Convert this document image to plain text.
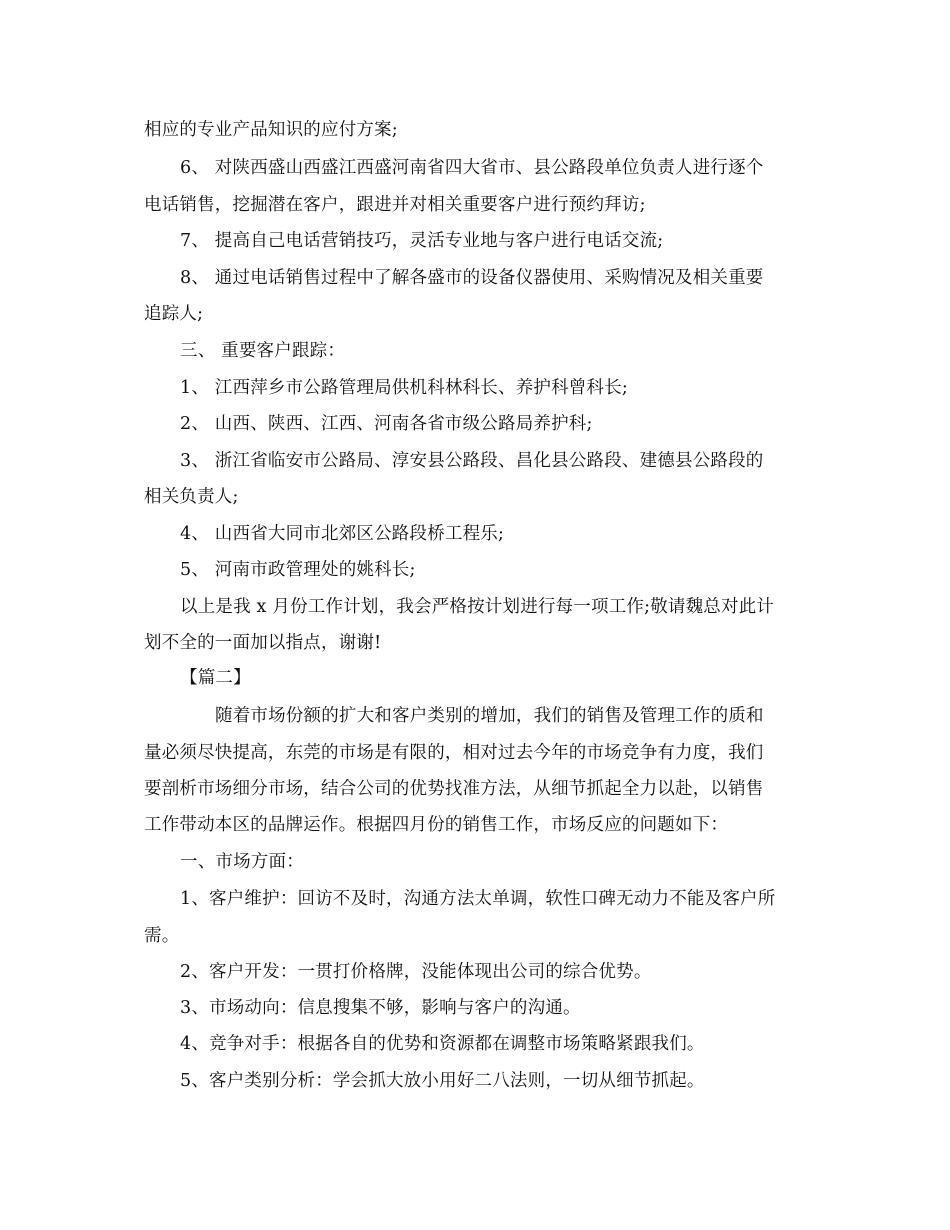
相应的专业产品知识的应付方案;
6、 对陕西盛山西盛江西盛河南省四大省市、县公路段单位负责人进行逐个
电话销售，挖掘潜在客户，跟进并对相关重要客户进行预约拜访;
7、 提高自己电话营销技巧，灵活专业地与客户进行电话交流;
8、 通过电话销售过程中了解各盛市的设备仪器使用、采购情况及相关重要
追踪人;
三、 重要客户跟踪：
1、 江西萍乡市公路管理局供机科林科长、养护科曾科长;
2、 山西、陕西、江西、河南各省市级公路局养护科;
3、 浙江省临安市公路局、淳安县公路段、昌化县公路段、建德县公路段的
相关负责人;
4、 山西省大同市北郊区公路段桥工程乐;
5、 河南市政管理处的姚科长;
以上是我 x 月份工作计划，我会严格按计划进行每一项工作;敬请魏总对此计
划不全的一面加以指点，谢谢!
【篇二】
随着市场份额的扩大和客户类别的增加，我们的销售及管理工作的质和
量必须尽快提高，东莞的市场是有限的，相对过去今年的市场竞争有力度，我们
要剖析市场细分市场，结合公司的优势找准方法，从细节抓起全力以赴，以销售
工作带动本区的品牌运作。根据四月份的销售工作，市场反应的问题如下：
一、市场方面：
1、客户维护：回访不及时，沟通方法太单调，软性口碑无动力不能及客户所
需。
2、客户开发：一贯打价格牌，没能体现出公司的综合优势。
3、市场动向：信息搜集不够，影响与客户的沟通。
4、竞争对手：根据各自的优势和资源都在调整市场策略紧跟我们。
5、客户类别分析：学会抓大放小用好二八法则，一切从细节抓起。
